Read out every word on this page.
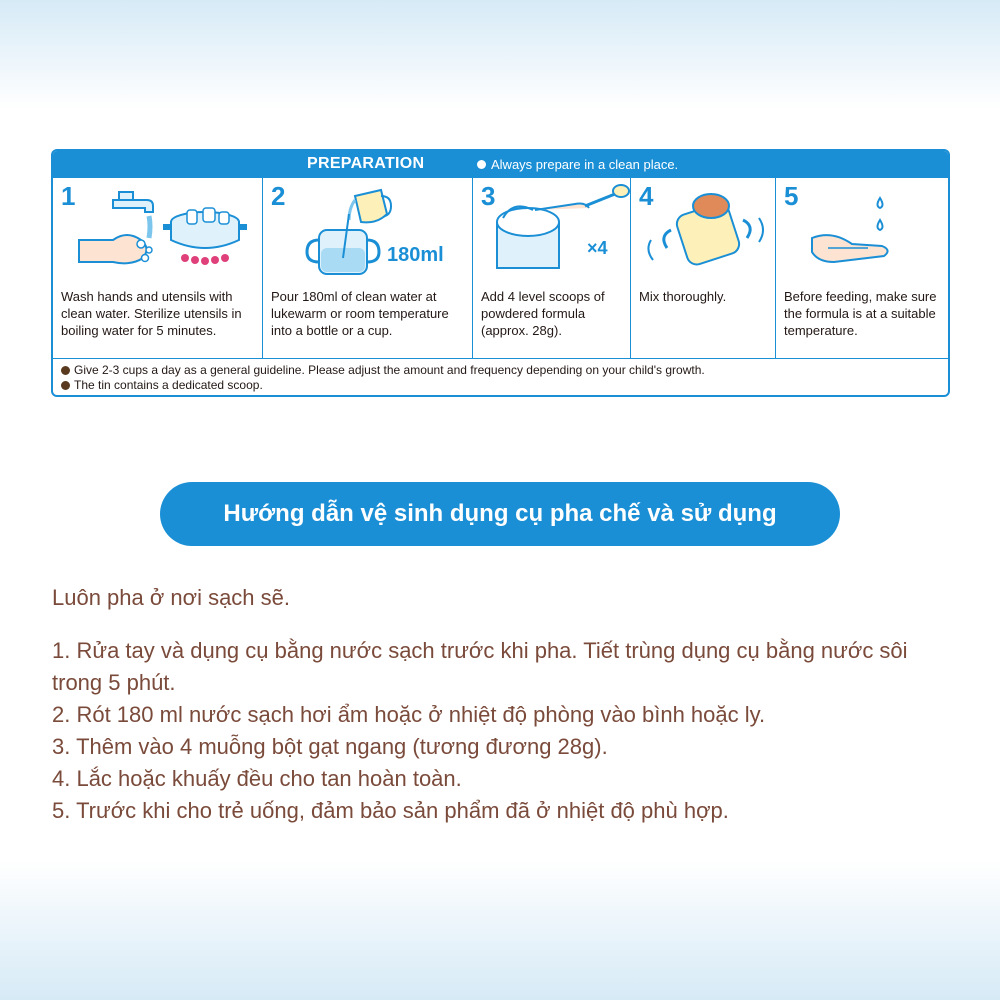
PREPARATION	Always prepare in a clean place.
1
Wash hands and utensils with clean water. Sterilize utensils in boiling water for 5 minutes.
2
180ml
Pour 180ml of clean water at lukewarm or room temperature into a bottle or a cup.
3
×4
Add 4 level scoops of powdered formula (approx. 28g).
4
Mix thoroughly.
5
Before feeding, make sure the formula is at a suitable temperature.
Give 2-3 cups a day as a general guideline. Please adjust the amount and frequency depending on your child's growth.
The tin contains a dedicated scoop.
Hướng dẫn vệ sinh dụng cụ pha chế và sử dụng

Luôn pha ở nơi sạch sẽ.

1. Rửa tay và dụng cụ bằng nước sạch trước khi pha. Tiết trùng dụng cụ bằng nước sôi trong 5 phút.

2. Rót 180 ml nước sạch hơi ẩm hoặc ở nhiệt độ phòng vào bình hoặc ly.

3. Thêm vào 4 muỗng bột gạt ngang (tương đương 28g).

4. Lắc hoặc khuấy đều cho tan hoàn toàn.

5. Trước khi cho trẻ uống, đảm bảo sản phẩm đã ở nhiệt độ phù hợp.
